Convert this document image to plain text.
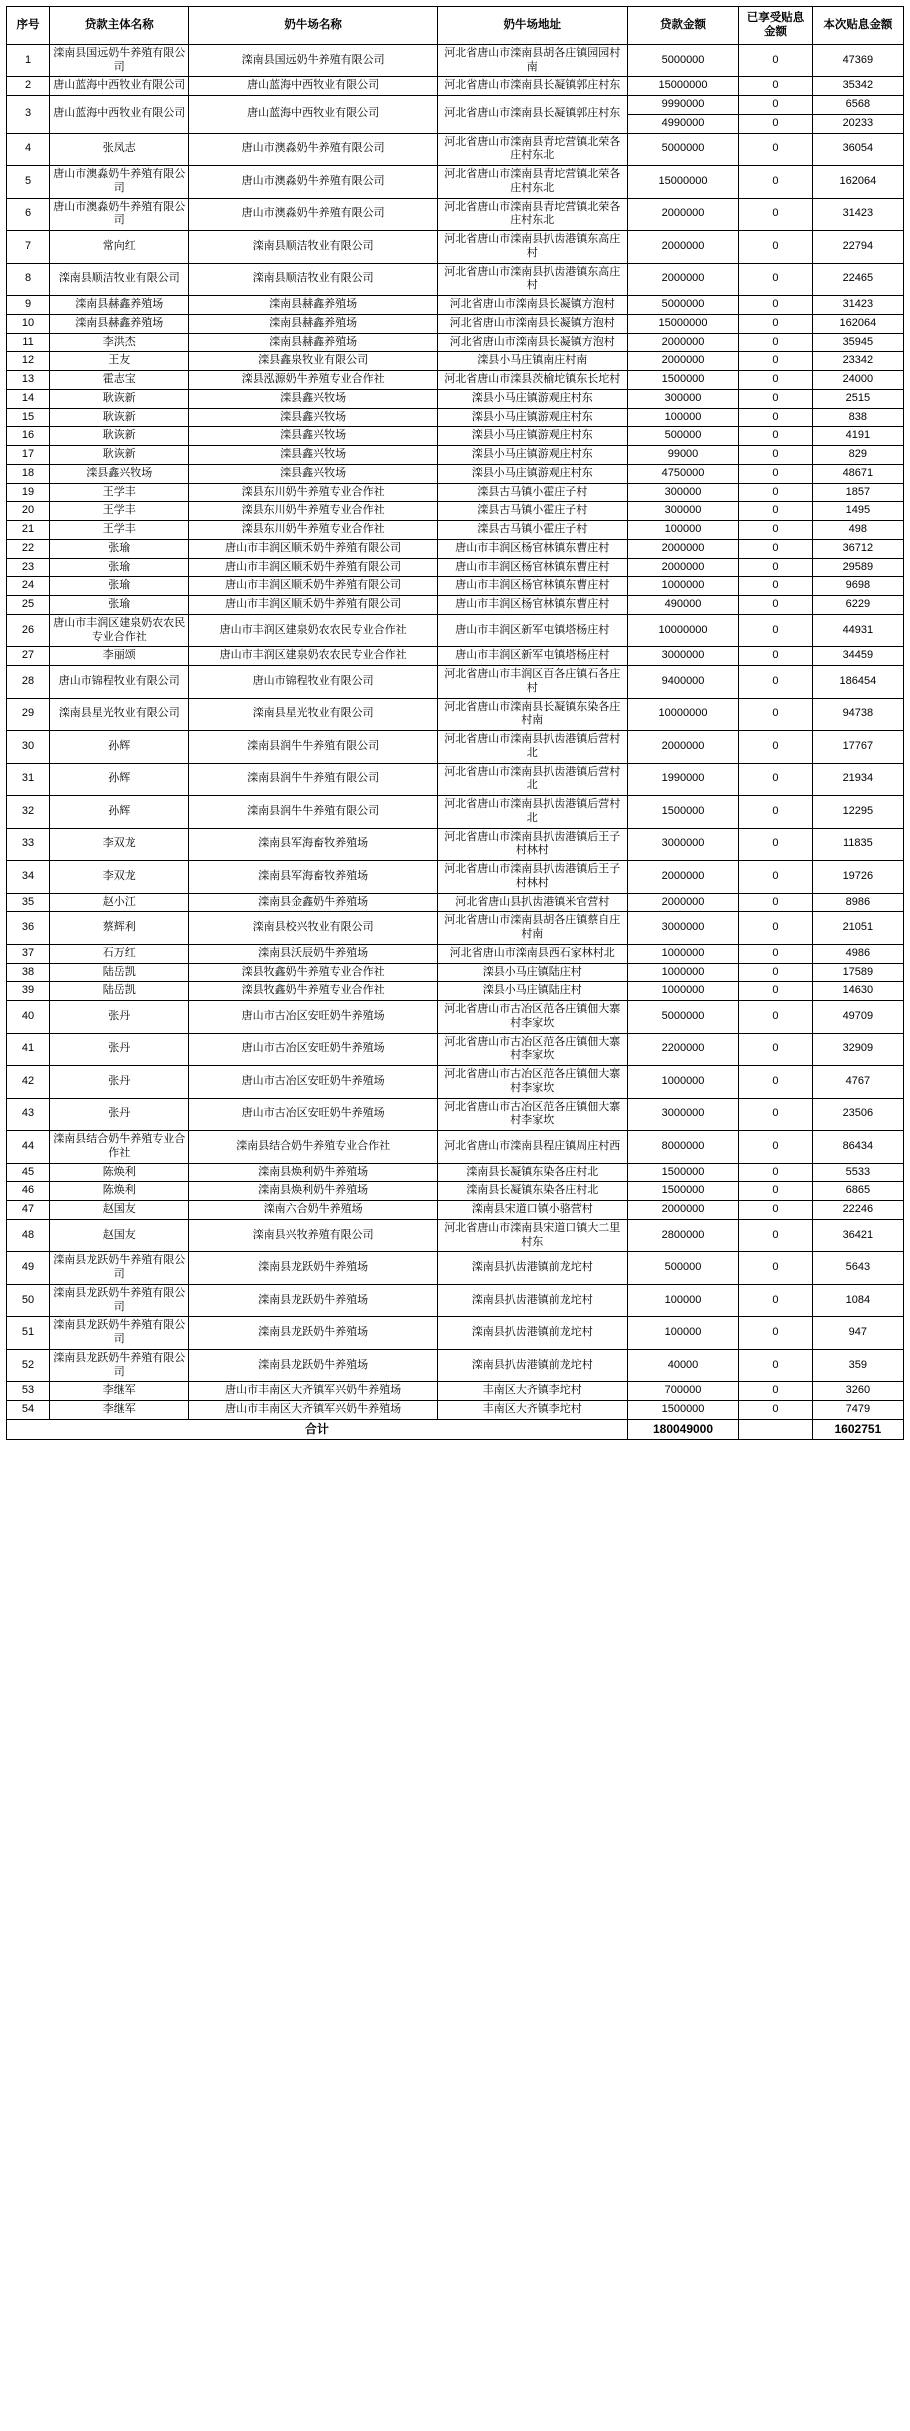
序号	贷款主体名称	奶牛场名称	奶牛场地址	贷款金额	已享受贴息金额	本次贴息金额
1	滦南县国远奶牛养殖有限公司	滦南县国远奶牛养殖有限公司	河北省唐山市滦南县胡各庄镇园园村南	5000000	0	47369
2	唐山蓝海中西牧业有限公司	唐山蓝海中西牧业有限公司	河北省唐山市滦南县长凝镇郭庄村东	15000000	0	35342
3	唐山蓝海中西牧业有限公司	唐山蓝海中西牧业有限公司	河北省唐山市滦南县长凝镇郭庄村东	9990000	0	6568
				4990000	0	20233
4	张凤志	唐山市澳淼奶牛养殖有限公司	河北省唐山市滦南县青坨营镇北荣各庄村东北	5000000	0	36054
5	唐山市澳淼奶牛养殖有限公司	唐山市澳淼奶牛养殖有限公司	河北省唐山市滦南县青坨营镇北荣各庄村东北	15000000	0	162064
6	唐山市澳淼奶牛养殖有限公司	唐山市澳淼奶牛养殖有限公司	河北省唐山市滦南县青坨营镇北荣各庄村东北	2000000	0	31423
7	常向红	滦南县顺洁牧业有限公司	河北省唐山市滦南县扒齿港镇东高庄村	2000000	0	22794
8	滦南县顺洁牧业有限公司	滦南县顺洁牧业有限公司	河北省唐山市滦南县扒齿港镇东高庄村	2000000	0	22465
9	滦南县赫鑫养殖场	滦南县赫鑫养殖场	河北省唐山市滦南县长凝镇方泡村	5000000	0	31423
10	滦南县赫鑫养殖场	滦南县赫鑫养殖场	河北省唐山市滦南县长凝镇方泡村	15000000	0	162064
11	李洪杰	滦南县赫鑫养殖场	河北省唐山市滦南县长凝镇方泡村	2000000	0	35945
12	王友	滦县鑫泉牧业有限公司	滦县小马庄镇南庄村南	2000000	0	23342
13	霍志宝	滦县泓源奶牛养殖专业合作社	河北省唐山市滦县茨榆坨镇东长坨村	1500000	0	24000
14	耿诙新	滦县鑫兴牧场	滦县小马庄镇游观庄村东	300000	0	2515
15	耿诙新	滦县鑫兴牧场	滦县小马庄镇游观庄村东	100000	0	838
16	耿诙新	滦县鑫兴牧场	滦县小马庄镇游观庄村东	500000	0	4191
17	耿诙新	滦县鑫兴牧场	滦县小马庄镇游观庄村东	99000	0	829
18	滦县鑫兴牧场	滦县鑫兴牧场	滦县小马庄镇游观庄村东	4750000	0	48671
19	王学丰	滦县东川奶牛养殖专业合作社	滦县古马镇小霍庄子村	300000	0	1857
20	王学丰	滦县东川奶牛养殖专业合作社	滦县古马镇小霍庄子村	300000	0	1495
21	王学丰	滦县东川奶牛养殖专业合作社	滦县古马镇小霍庄子村	100000	0	498
22	张瑜	唐山市丰润区顺禾奶牛养殖有限公司	唐山市丰润区杨官林镇东曹庄村	2000000	0	36712
23	张瑜	唐山市丰润区顺禾奶牛养殖有限公司	唐山市丰润区杨官林镇东曹庄村	2000000	0	29589
24	张瑜	唐山市丰润区顺禾奶牛养殖有限公司	唐山市丰润区杨官林镇东曹庄村	1000000	0	9698
25	张瑜	唐山市丰润区顺禾奶牛养殖有限公司	唐山市丰润区杨官林镇东曹庄村	490000	0	6229
26	唐山市丰润区建泉奶农农民专业合作社	唐山市丰润区建泉奶农农民专业合作社	唐山市丰润区新军屯镇塔杨庄村	10000000	0	44931
27	李丽颂	唐山市丰润区建泉奶农农民专业合作社	唐山市丰润区新军屯镇塔杨庄村	3000000	0	34459
28	唐山市锦程牧业有限公司	唐山市锦程牧业有限公司	河北省唐山市丰润区百各庄镇石各庄村	9400000	0	186454
29	滦南县星光牧业有限公司	滦南县星光牧业有限公司	河北省唐山市滦南县长凝镇东染各庄村南	10000000	0	94738
30	孙辉	滦南县润牛牛养殖有限公司	河北省唐山市滦南县扒齿港镇后营村北	2000000	0	17767
31	孙辉	滦南县润牛牛养殖有限公司	河北省唐山市滦南县扒齿港镇后营村北	1990000	0	21934
32	孙辉	滦南县润牛牛养殖有限公司	河北省唐山市滦南县扒齿港镇后营村北	1500000	0	12295
33	李双龙	滦南县军海畜牧养殖场	河北省唐山市滦南县扒齿港镇后王子村林村	3000000	0	11835
34	李双龙	滦南县军海畜牧养殖场	河北省唐山市滦南县扒齿港镇后王子村林村	2000000	0	19726
35	赵小江	滦南县金鑫奶牛养殖场	河北省唐山县扒齿港镇米官营村	2000000	0	8986
36	蔡辉利	滦南县校兴牧业有限公司	河北省唐山市滦南县胡各庄镇蔡自庄村南	3000000	0	21051
37	石万红	滦南县沃辰奶牛养殖场	河北省唐山市滦南县西石家林村北	1000000	0	4986
38	陆岳凯	滦县牧鑫奶牛养殖专业合作社	滦县小马庄镇陆庄村	1000000	0	17589
39	陆岳凯	滦县牧鑫奶牛养殖专业合作社	滦县小马庄镇陆庄村	1000000	0	14630
40	张丹	唐山市古冶区安旺奶牛养殖场	河北省唐山市古冶区范各庄镇佃大寨村李家坎	5000000	0	49709
41	张丹	唐山市古冶区安旺奶牛养殖场	河北省唐山市古冶区范各庄镇佃大寨村李家坎	2200000	0	32909
42	张丹	唐山市古冶区安旺奶牛养殖场	河北省唐山市古冶区范各庄镇佃大寨村李家坎	1000000	0	4767
43	张丹	唐山市古冶区安旺奶牛养殖场	河北省唐山市古冶区范各庄镇佃大寨村李家坎	3000000	0	23506
44	滦南县结合奶牛养殖专业合作社	滦南县结合奶牛养殖专业合作社	河北省唐山市滦南县程庄镇周庄村西	8000000	0	86434
45	陈焕利	滦南县焕利奶牛养殖场	滦南县长凝镇东染各庄村北	1500000	0	5533
46	陈焕利	滦南县焕利奶牛养殖场	滦南县长凝镇东染各庄村北	1500000	0	6865
47	赵国友	滦南六合奶牛养殖场	滦南县宋道口镇小骆营村	2000000	0	22246
48	赵国友	滦南县兴牧养殖有限公司	河北省唐山市滦南县宋道口镇大二里村东	2800000	0	36421
49	滦南县龙跃奶牛养殖有限公司	滦南县龙跃奶牛养殖场	滦南县扒齿港镇前龙坨村	500000	0	5643
50	滦南县龙跃奶牛养殖有限公司	滦南县龙跃奶牛养殖场	滦南县扒齿港镇前龙坨村	100000	0	1084
51	滦南县龙跃奶牛养殖有限公司	滦南县龙跃奶牛养殖场	滦南县扒齿港镇前龙坨村	100000	0	947
52	滦南县龙跃奶牛养殖有限公司	滦南县龙跃奶牛养殖场	滦南县扒齿港镇前龙坨村	40000	0	359
53	李继军	唐山市丰南区大齐镇军兴奶牛养殖场	丰南区大齐镇李坨村	700000	0	3260
54	李继军	唐山市丰南区大齐镇军兴奶牛养殖场	丰南区大齐镇李坨村	1500000	0	7479
合计				180049000		1602751
